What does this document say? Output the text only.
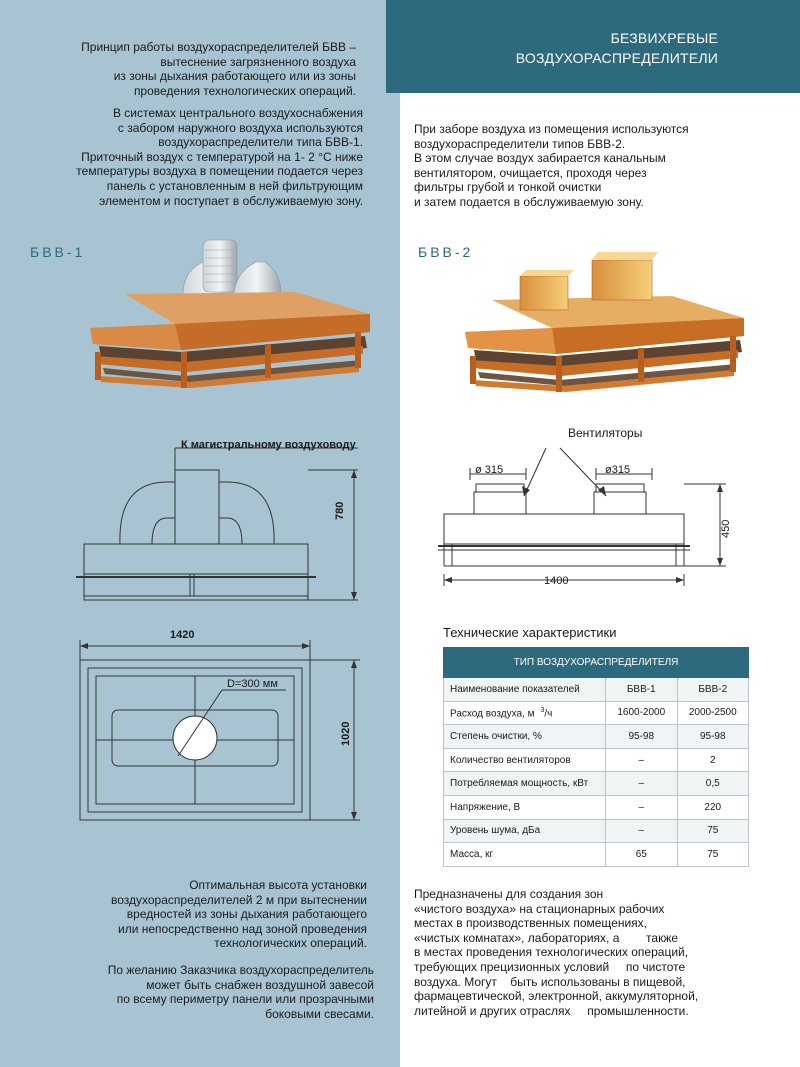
БЕЗВИХРЕВЫЕ
ВОЗДУХОРАСПРЕДЕЛИТЕЛИ
Принцип работы воздухораспределителей БВВ –
вытеснение загрязненного воздуха
из зоны дыхания работающего или из зоны
проведения технологических операций.
В системах центрального воздухоснабжения
с забором наружного воздуха используются
воздухораспределители типа БВВ-1.
Приточный воздух с температурой на 1- 2 °С ниже
температуры воздуха в помещении подается через
панель с установленным в ней фильтрующим
элементом и поступает в обслуживаемую зону.
При заборе воздуха из помещения используются
воздухораспределители типов БВВ-2.
В этом случае воздух забирается канальным
вентилятором, очищается, проходя через
фильтры грубой и тонкой очистки
и затем подается в обслуживаемую зону.
БВВ-1	БВВ-2
К магистральному воздуховоду
780
1420
D=300 мм
1020
Вентиляторы
ø 315	ø315
450
1400
Технические характеристики
ТИП ВОЗДУХОРАСПРЕДЕЛИТЕЛЯ		
Наименование показателей	БВВ-1	БВВ-2
Расход воздуха, м $^3$/ч	1600-2000	2000-2500
Степень очистки, %	95-98	95-98
Количество вентиляторов	–	2
Потребляемая мощность, кВт	–	0,5
Напряжение, В	–	220
Уровень шума, дБа	–	75
Масса, кг	65	75
Оптимальная высота установки
воздухораспределителей 2 м при вытеснении
вредностей из зоны дыхания работающего
или непосредственно над зоной проведения
технологических операций.
По желанию Заказчика воздухораспределитель
может быть снабжен воздушной завесой
по всему периметру панели или прозрачными
боковыми свесами.
Предназначены для создания зон
«чистого воздуха» на стационарных рабочих
местах в производственных помещениях,
«чистых комнатах», лабораториях, а        также
в местах проведения технологических операций,
требующих прецизионных условий     по чистоте
воздуха. Могут    быть использованы в пищевой,
фармацевтической, электронной, аккумуляторной,
литейной и других отраслях     промышленности.
